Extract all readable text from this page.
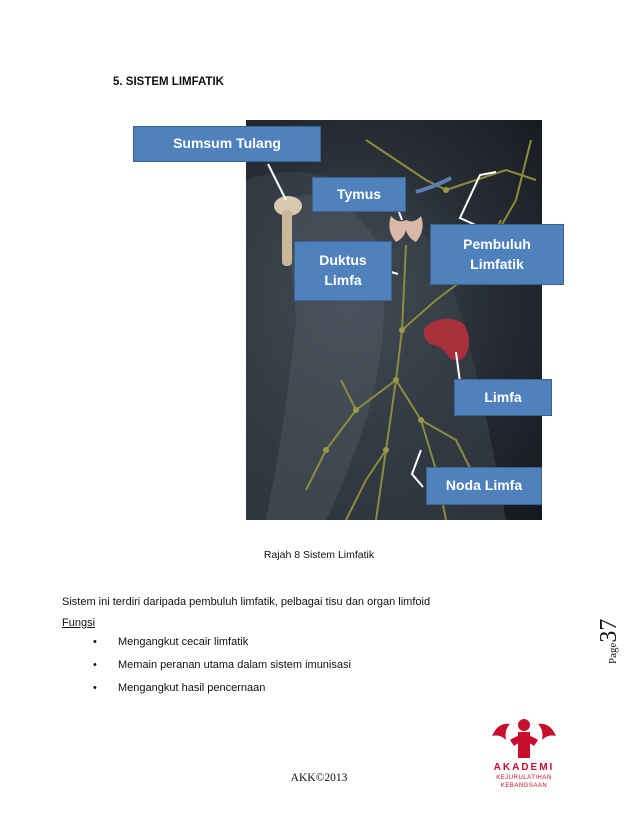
5. SISTEM LIMFATIK
Sumsum Tulang
Tymus
Duktus
Limfa
Pembuluh
Limfatik
Limfa
Noda Limfa

Rajah 8 Sistem Limfatik

Sistem ini terdiri daripada pembuluh limfatik, pelbagai tisu dan organ limfoid

Fungsi

•	Mengangkut cecair limfatik
•	Memain peranan utama dalam sistem imunisasi
•	Mengangkut hasil pencernaan
Page37
AKADEMI
KEJURULATIHAN
KEBANGSAAN

AKK©2013
